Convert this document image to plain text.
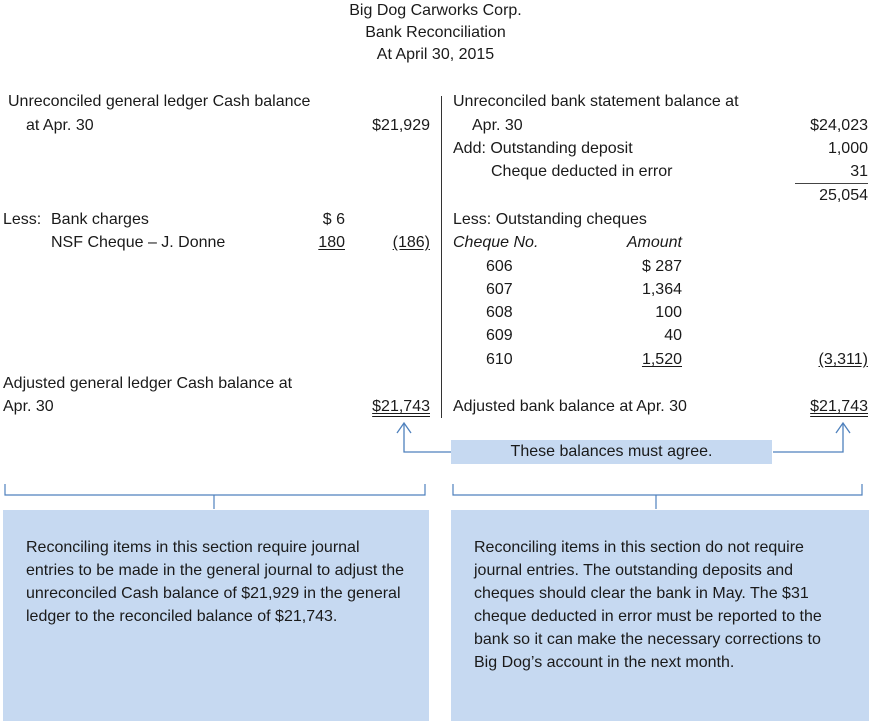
Big Dog Carworks Corp.
Bank Reconciliation
At April 30, 2015
Unreconciled general ledger Cash balance
at Apr. 30	$21,929
Less: Bank charges	$ 6
NSF Cheque – J. Donne	180	(186)
Adjusted general ledger Cash balance at
Apr. 30	$21,743
Unreconciled bank statement balance at
Apr. 30	$24,023
Add: Outstanding deposit	1,000
Cheque deducted in error	31
25,054
Less: Outstanding cheques
Cheque No.	Amount
606	$ 287
607	1,364
608	100
609	40
610	1,520	(3,311)
Adjusted bank balance at Apr. 30	$21,743
These balances must agree.
Reconciling items in this section require journal entries to be made in the general journal to adjust the unreconciled Cash balance of $21,929 in the general ledger to the reconciled balance of $21,743.
Reconciling items in this section do not require journal entries. The outstanding deposits and cheques should clear the bank in May. The $31 cheque deducted in error must be reported to the bank so it can make the necessary corrections to Big Dog’s account in the next month.
